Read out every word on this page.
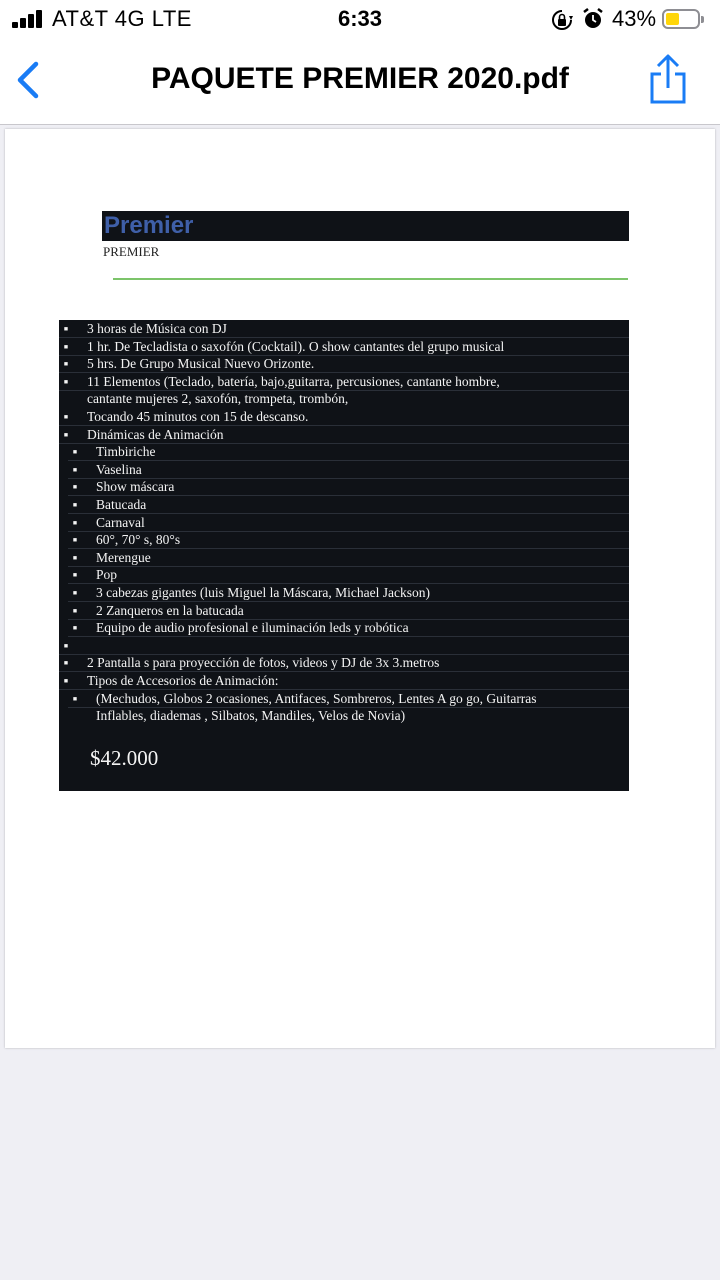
AT&T 4G LTE	6:33	43%
PAQUETE PREMIER 2020.pdf
Premier
PREMIER
▪	3 horas de Música con DJ
▪	1 hr. De Tecladista o saxofón (Cocktail). O show cantantes del grupo musical
▪	5 hrs. De Grupo Musical Nuevo Orizonte.
▪	11 Elementos (Teclado, batería, bajo,guitarra, percusiones, cantante hombre,
cantante mujeres 2, saxofón, trompeta, trombón,
▪	Tocando 45 minutos con 15 de descanso.
▪	Dinámicas de Animación
▪	Timbiriche
▪	Vaselina
▪	Show máscara
▪	Batucada
▪	Carnaval
▪	60°, 70° s, 80°s
▪	Merengue
▪	Pop
▪	3 cabezas gigantes (luis Miguel la Máscara, Michael Jackson)
▪	2 Zanqueros en la batucada
▪	Equipo de audio profesional e iluminación leds y robótica
▪
▪	2 Pantalla s para proyección de fotos, videos y DJ de 3x 3.metros
▪	Tipos de Accesorios de Animación:
▪	(Mechudos, Globos 2 ocasiones, Antifaces, Sombreros, Lentes A go go, Guitarras
Inflables, diademas , Silbatos, Mandiles, Velos de Novia)
$42.000
